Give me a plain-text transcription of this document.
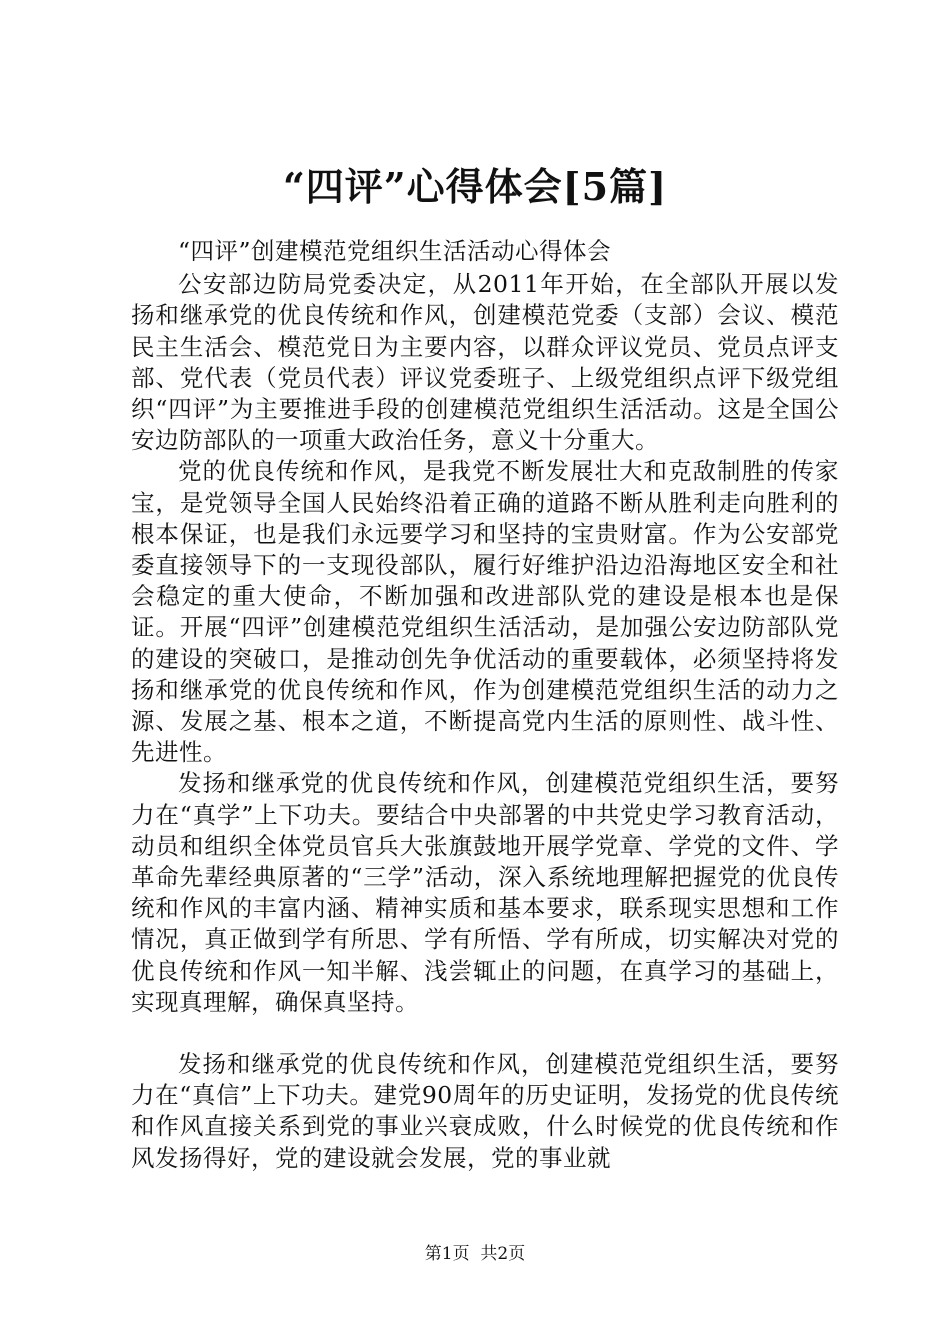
“四评”心得体会[5篇]

“四评”创建模范党组织生活活动心得体会

公安部边防局党委决定，从2011年开始，在全部队开展以发扬和继承党的优良传统和作风，创建模范党委（支部）会议、模范民主生活会、模范党日为主要内容，以群众评议党员、党员点评支部、党代表（党员代表）评议党委班子、上级党组织点评下级党组织“四评”为主要推进手段的创建模范党组织生活活动。这是全国公安边防部队的一项重大政治任务，意义十分重大。

党的优良传统和作风，是我党不断发展壮大和克敌制胜的传家宝，是党领导全国人民始终沿着正确的道路不断从胜利走向胜利的根本保证，也是我们永远要学习和坚持的宝贵财富。作为公安部党委直接领导下的一支现役部队，履行好维护沿边沿海地区安全和社会稳定的重大使命，不断加强和改进部队党的建设是根本也是保证。开展“四评”创建模范党组织生活活动，是加强公安边防部队党的建设的突破口，是推动创先争优活动的重要载体，必须坚持将发扬和继承党的优良传统和作风，作为创建模范党组织生活的动力之源、发展之基、根本之道，不断提高党内生活的原则性、战斗性、先进性。

发扬和继承党的优良传统和作风，创建模范党组织生活，要努力在“真学”上下功夫。要结合中央部署的中共党史学习教育活动，动员和组织全体党员官兵大张旗鼓地开展学党章、学党的文件、学革命先辈经典原著的“三学”活动，深入系统地理解把握党的优良传统和作风的丰富内涵、精神实质和基本要求，联系现实思想和工作情况，真正做到学有所思、学有所悟、学有所成，切实解决对党的优良传统和作风一知半解、浅尝辄止的问题，在真学习的基础上，实现真理解，确保真坚持。

发扬和继承党的优良传统和作风，创建模范党组织生活，要努力在“真信”上下功夫。建党90周年的历史证明，发扬党的优良传统和作风直接关系到党的事业兴衰成败，什么时候党的优良传统和作风发扬得好，党的建设就会发展，党的事业就

第1页  共2页
